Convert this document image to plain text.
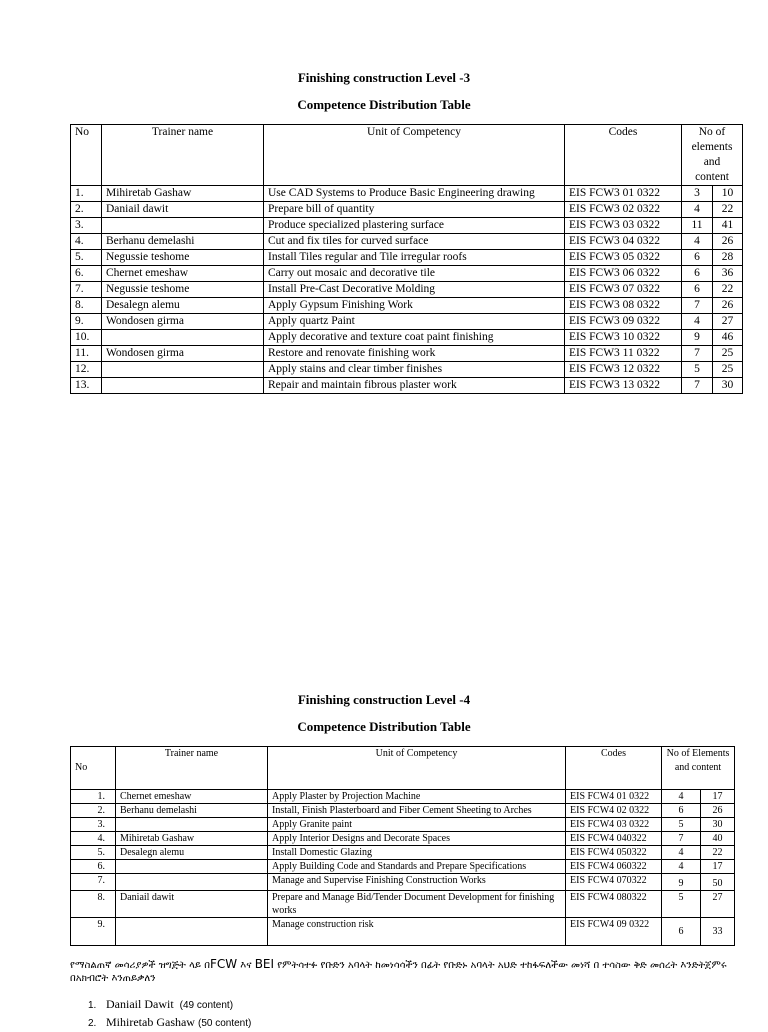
Finishing construction Level -3
Competence Distribution Table
No	Trainer name	Unit of Competency	Codes	No of elements and content	
1.	Mihiretab Gashaw	Use CAD Systems to Produce Basic Engineering drawing	EIS FCW3 01 0322	3	10
2.	Daniail dawit	Prepare bill of quantity	EIS FCW3 02 0322	4	22
3.		Produce specialized plastering surface	EIS FCW3 03 0322	11	41
4.	Berhanu demelashi	Cut and fix tiles for curved surface	EIS FCW3 04 0322	4	26
5.	Negussie teshome	Install Tiles regular and Tile irregular roofs	EIS FCW3 05 0322	6	28
6.	Chernet emeshaw	Carry out mosaic and decorative tile	EIS FCW3 06 0322	6	36
7.	Negussie teshome	Install Pre-Cast Decorative Molding	EIS FCW3 07 0322	6	22
8.	Desalegn alemu	Apply Gypsum Finishing Work	EIS FCW3 08 0322	7	26
9.	Wondosen girma	Apply quartz Paint	EIS FCW3 09 0322	4	27
10.		Apply decorative and texture coat paint finishing	EIS FCW3 10 0322	9	46
11.	Wondosen girma	Restore and renovate finishing work	EIS FCW3 11 0322	7	25
12.		Apply stains and clear timber finishes	EIS FCW3 12 0322	5	25
13.		Repair and maintain fibrous plaster work	EIS FCW3 13 0322	7	30
Finishing construction Level -4
Competence Distribution Table
No	Trainer name	Unit of Competency	Codes	No of Elements and content	
1.	Chernet emeshaw	Apply Plaster by Projection Machine	EIS FCW4 01 0322	4	17
2.	Berhanu demelashi	Install, Finish Plasterboard and Fiber Cement Sheeting to Arches	EIS FCW4 02 0322	6	26
3.		Apply Granite paint	EIS FCW4 03 0322	5	30
4.	Mihiretab Gashaw	Apply Interior Designs and Decorate Spaces	EIS FCW4 040322	7	40
5.	Desalegn alemu	Install Domestic Glazing	EIS FCW4 050322	4	22
6.		Apply Building Code and Standards and Prepare Specifications	EIS FCW4 060322	4	17
7.		Manage and Supervise Finishing Construction Works	EIS FCW4 070322	9	50
8.	Daniail dawit	Prepare and Manage Bid/Tender Document Development for finishing works	EIS FCW4 080322	5	27
9.		Manage construction risk	EIS FCW4 09 0322	6	33
የማስልጠኛ መሳሪያዎች ዝግጅት ላይ በFCW እና BEI የምትሳተፉ የቡድን አባላት ከመነሳሳችን በፊት የቡድኑ አባላት አህድ ተከፋፍለችው መነሻ በ ተሳስው ቅድ መሰረት እንድትጀምሩ በአክብሮት እንጠይቃለን
1. Daniail Dawit (49 content)
2. Mihiretab Gashaw (50 content)
